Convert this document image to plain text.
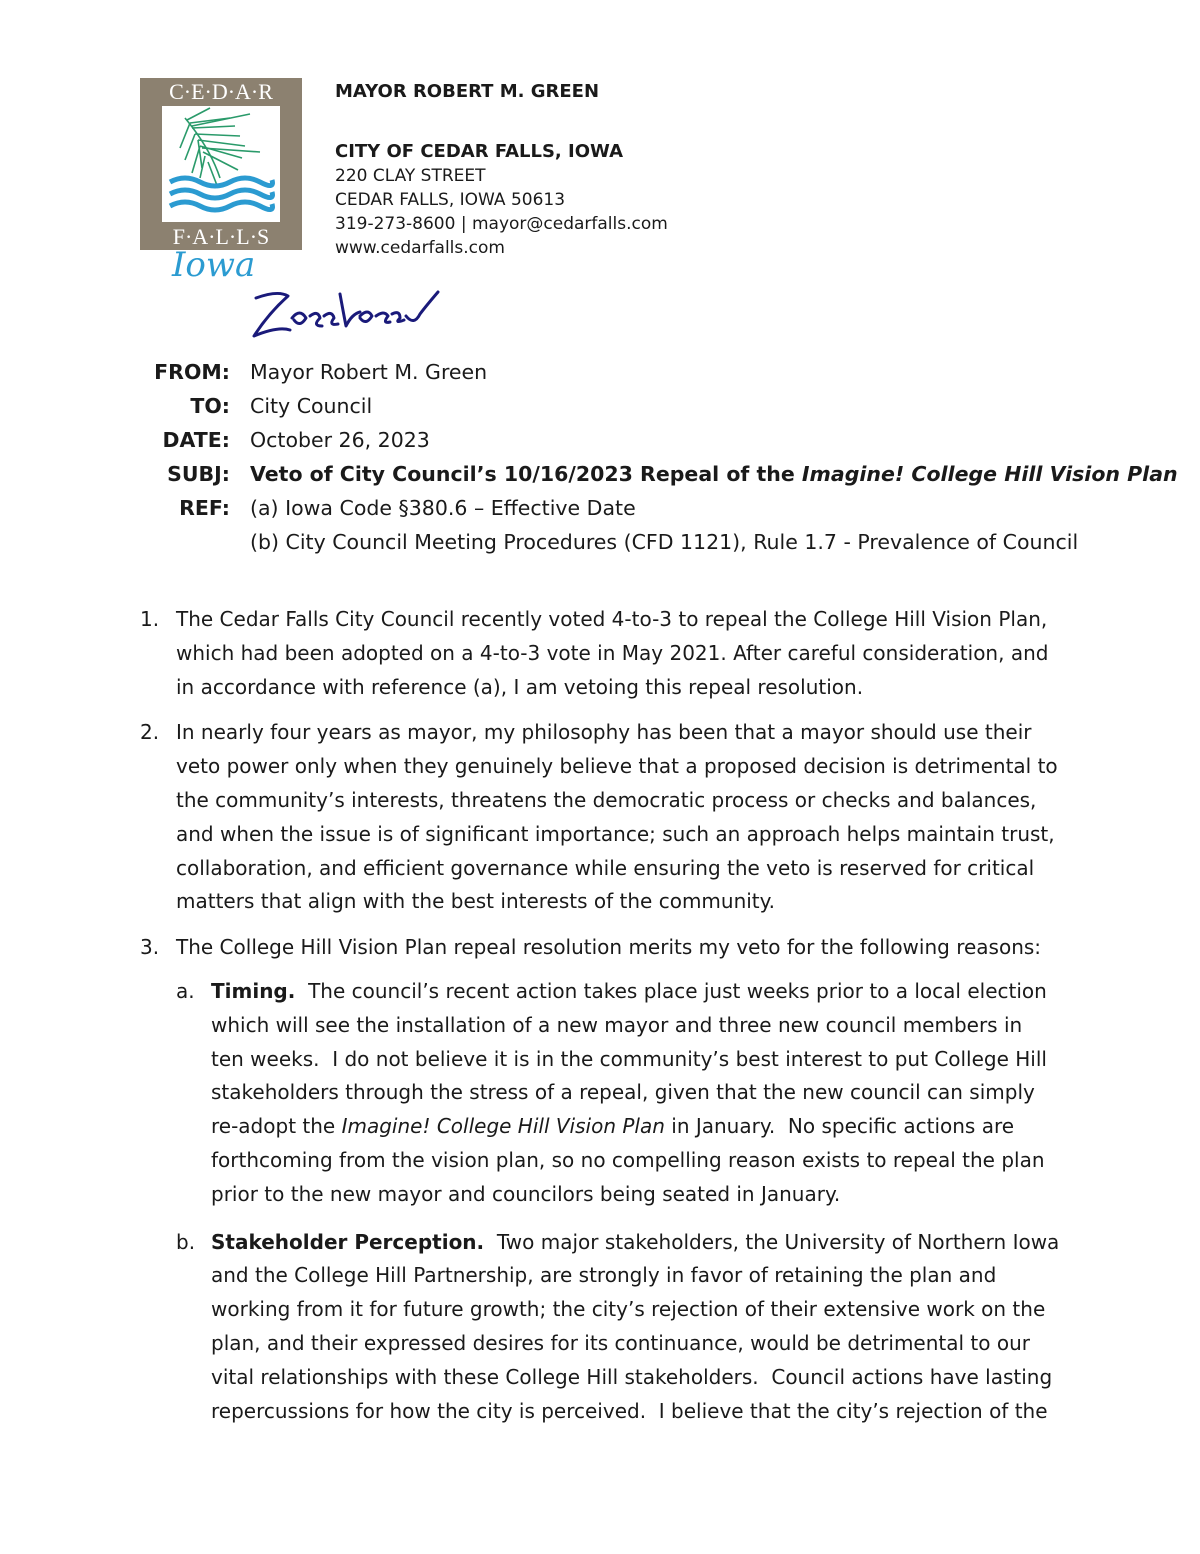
C·E·D·A·R
F·A·L·L·S
Iowa
MAYOR ROBERT M. GREEN
CITY OF CEDAR FALLS, IOWA
220 CLAY STREET
CEDAR FALLS, IOWA 50613
319-273-8600 | mayor@cedarfalls.com
www.cedarfalls.com
FROM: Mayor Robert M. Green
TO: City Council
DATE: October 26, 2023
SUBJ: Veto of City Council’s 10/16/2023 Repeal of the Imagine! College Hill Vision Plan
REF: (a) Iowa Code §380.6 – Effective Date
(b) City Council Meeting Procedures (CFD 1121), Rule 1.7 - Prevalence of Council
1. The Cedar Falls City Council recently voted 4-to-3 to repeal the College Hill Vision Plan, which had been adopted on a 4-to-3 vote in May 2021. After careful consideration, and in accordance with reference (a), I am vetoing this repeal resolution.
2. In nearly four years as mayor, my philosophy has been that a mayor should use their veto power only when they genuinely believe that a proposed decision is detrimental to the community’s interests, threatens the democratic process or checks and balances, and when the issue is of significant importance; such an approach helps maintain trust, collaboration, and efficient governance while ensuring the veto is reserved for critical matters that align with the best interests of the community.
3. The College Hill Vision Plan repeal resolution merits my veto for the following reasons:
a. Timing.  The council’s recent action takes place just weeks prior to a local election which will see the installation of a new mayor and three new council members in ten weeks.  I do not believe it is in the community’s best interest to put College Hill stakeholders through the stress of a repeal, given that the new council can simply re-adopt the Imagine! College Hill Vision Plan in January.  No specific actions are forthcoming from the vision plan, so no compelling reason exists to repeal the plan prior to the new mayor and councilors being seated in January.
b. Stakeholder Perception.  Two major stakeholders, the University of Northern Iowa and the College Hill Partnership, are strongly in favor of retaining the plan and working from it for future growth; the city’s rejection of their extensive work on the plan, and their expressed desires for its continuance, would be detrimental to our vital relationships with these College Hill stakeholders.  Council actions have lasting repercussions for how the city is perceived.  I believe that the city’s rejection of the
